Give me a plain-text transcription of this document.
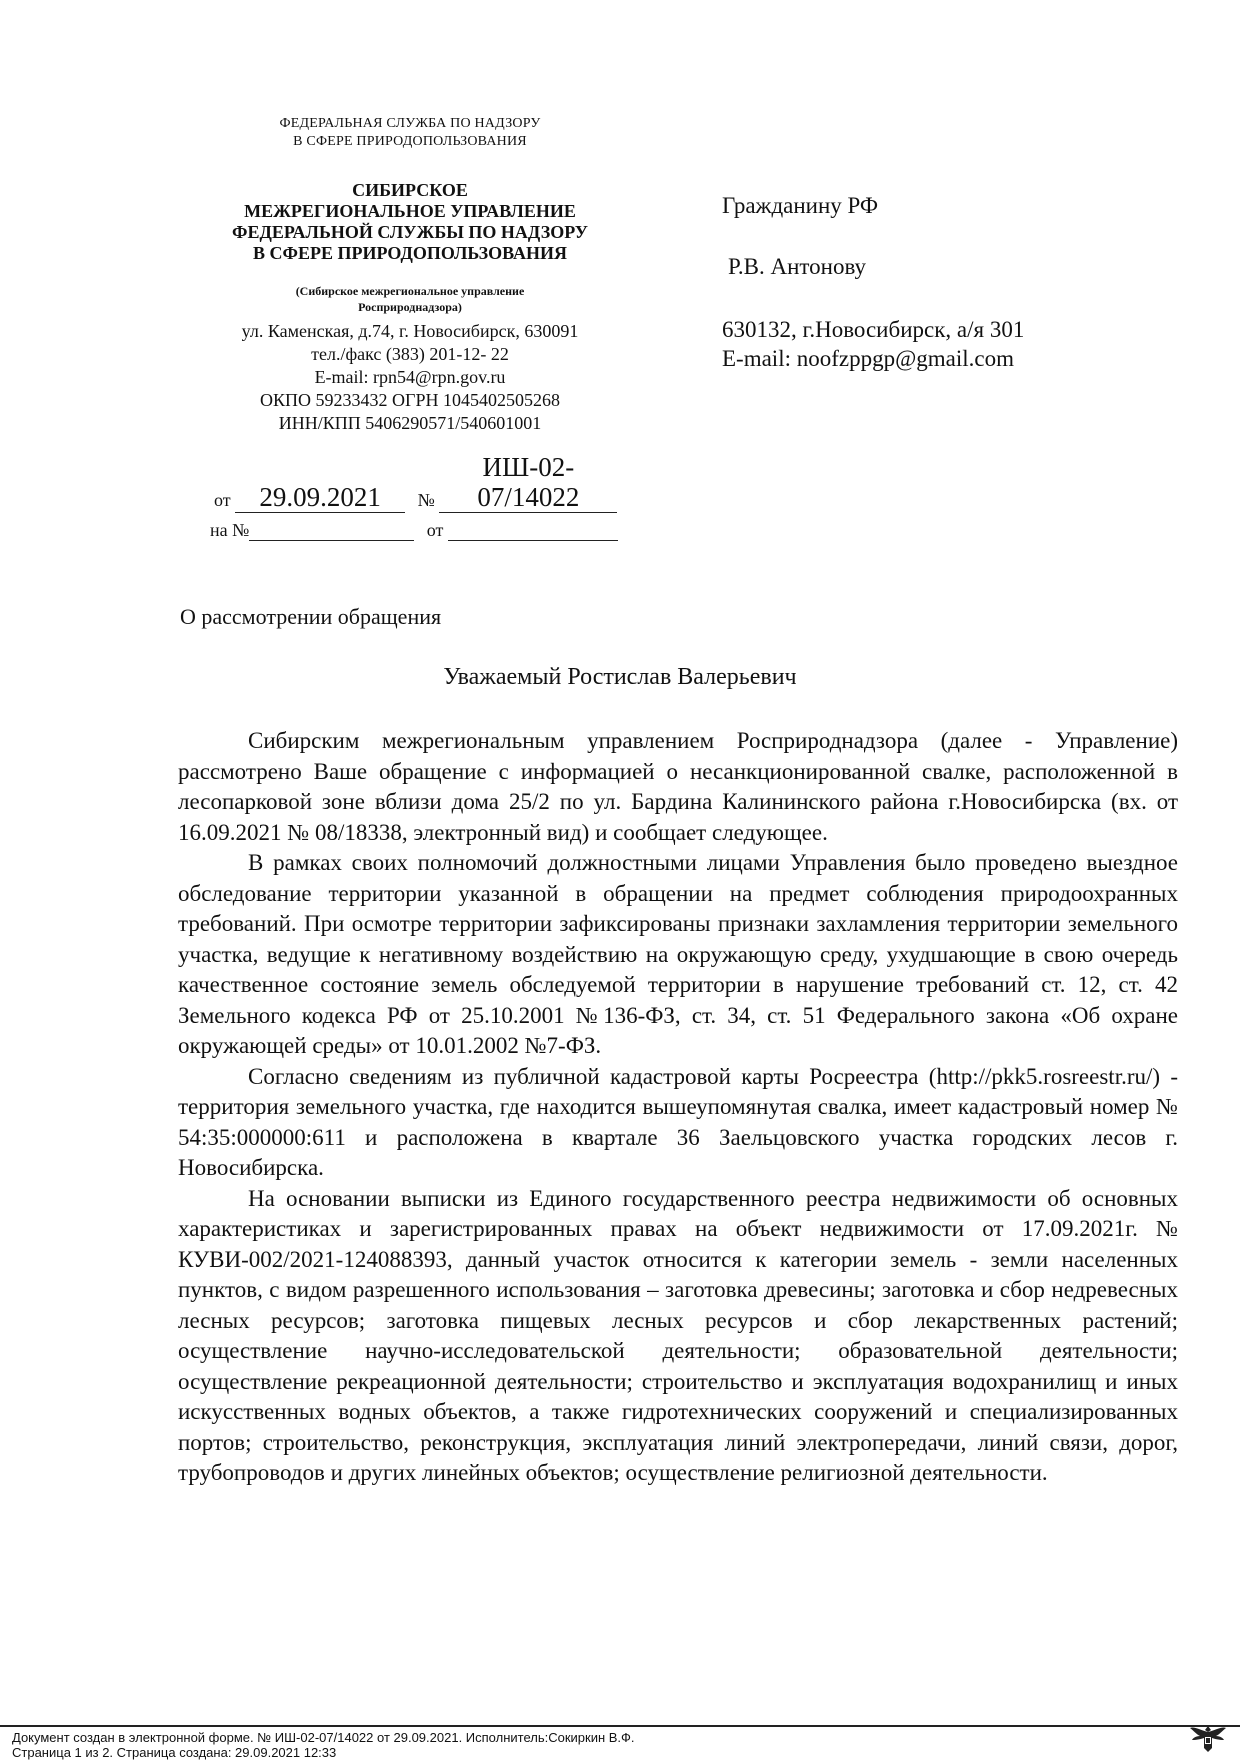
ФЕДЕРАЛЬНАЯ СЛУЖБА ПО НАДЗОРУ
В СФЕРЕ ПРИРОДОПОЛЬЗОВАНИЯ
СИБИРСКОЕ
МЕЖРЕГИОНАЛЬНОЕ УПРАВЛЕНИЕ
ФЕДЕРАЛЬНОЙ СЛУЖБЫ ПО НАДЗОРУ
В СФЕРЕ ПРИРОДОПОЛЬЗОВАНИЯ
(Сибирское межрегиональное управление
Росприроднадзора)
ул. Каменская, д.74, г. Новосибирск, 630091
тел./факс (383) 201-12- 22
E-mail: rpn54@rpn.gov.ru
ОКПО 59233432 ОГРН 1045402505268
ИНН/КПП 5406290571/540601001
Гражданину РФ
Р.В. Антонову
630132, г.Новосибирск, а/я 301
E-mail: noofzppgp@gmail.com
от 29.09.2021 № ИШ-02-07/14022
на №	от
О рассмотрении обращения
Уважаемый Ростислав Валерьевич

Сибирским межрегиональным управлением Росприроднадзора (далее - Управление) рассмотрено Ваше обращение с информацией о несанкционированной свалке, расположенной в лесопарковой зоне вблизи дома 25/2 по ул. Бардина Калининского района г.Новосибирска (вх. от 16.09.2021 № 08/18338, электронный вид) и сообщает следующее.

В рамках своих полномочий должностными лицами Управления было проведено выездное обследование территории указанной в обращении на предмет соблюдения природоохранных требований. При осмотре территории зафиксированы признаки захламления территории земельного участка, ведущие к негативному воздействию на окружающую среду, ухудшающие в свою очередь качественное состояние земель обследуемой территории в нарушение требований ст. 12, ст. 42 Земельного кодекса РФ от 25.10.2001 №136-ФЗ, ст. 34, ст. 51 Федерального закона «Об охране окружающей среды» от 10.01.2002 №7-ФЗ.

Согласно сведениям из публичной кадастровой карты Росреестра (http://pkk5.rosreestr.ru/) - территория земельного участка, где находится вышеупомянутая свалка, имеет кадастровый номер № 54:35:000000:611 и расположена в квартале 36 Заельцовского участка городских лесов г. Новосибирска.

На основании выписки из Единого государственного реестра недвижимости об основных характеристиках и зарегистрированных правах на объект недвижимости от 17.09.2021г. № КУВИ-002/2021-124088393, данный участок относится к категории земель - земли населенных пунктов, с видом разрешенного использования – заготовка древесины; заготовка и сбор недревесных лесных ресурсов; заготовка пищевых лесных ресурсов и сбор лекарственных растений; осуществление научно-исследовательской деятельности; образовательной деятельности; осуществление рекреационной деятельности; строительство и эксплуатация водохранилищ и иных искусственных водных объектов, а также гидротехнических сооружений и специализированных портов; строительство, реконструкция, эксплуатация линий электропередачи, линий связи, дорог, трубопроводов и других линейных объектов; осуществление религиозной деятельности.

Документ создан в электронной форме. № ИШ-02-07/14022 от 29.09.2021. Исполнитель:Сокиркин В.Ф.
Страница 1 из 2. Страница создана: 29.09.2021 12:33
